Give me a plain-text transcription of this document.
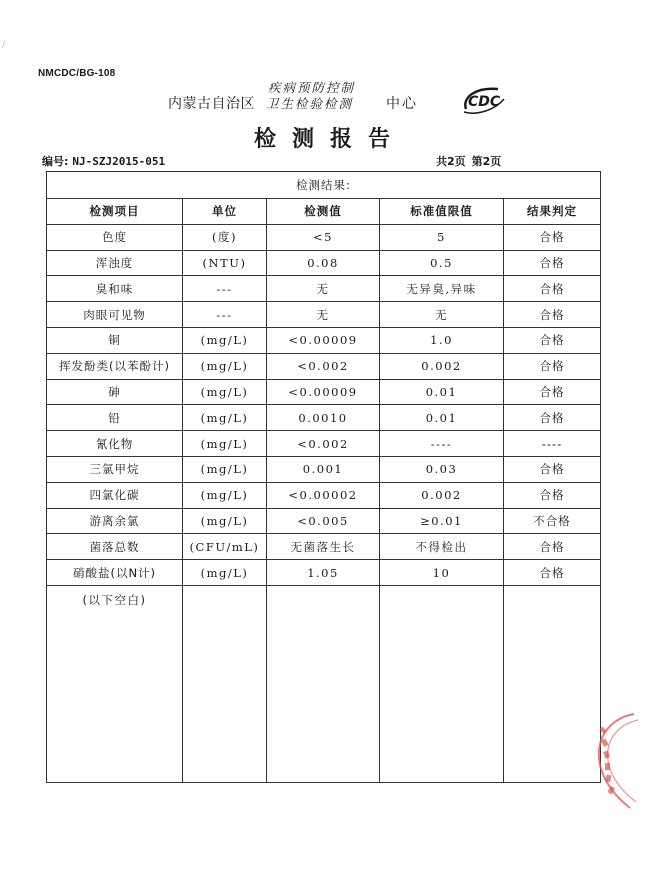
∕
NMCDC/BG-108
内蒙古自治区
疾病预防控制
卫生检验检测 中心	CDC
检测报告
编号: NJ-SZJ2015-051	共2页 第2页
检测结果:				
检测项目	单位	检测值	标准值限值	结果判定
色度	(度)	<5	5	合格
浑浊度	(NTU)	0.08	0.5	合格
臭和味	---	无	无异臭,异味	合格
肉眼可见物	---	无	无	合格
铜	(mg/L)	<0.00009	1.0	合格
挥发酚类(以苯酚计)	(mg/L)	<0.002	0.002	合格
砷	(mg/L)	<0.00009	0.01	合格
铅	(mg/L)	0.0010	0.01	合格
氰化物	(mg/L)	<0.002	----	----
三氯甲烷	(mg/L)	0.001	0.03	合格
四氯化碳	(mg/L)	<0.00002	0.002	合格
游离余氯	(mg/L)	<0.005	≥0.01	不合格
菌落总数	(CFU/mL)	无菌落生长	不得检出	合格
硝酸盐(以N计)	(mg/L)	1.05	10	合格
(以下空白)				
